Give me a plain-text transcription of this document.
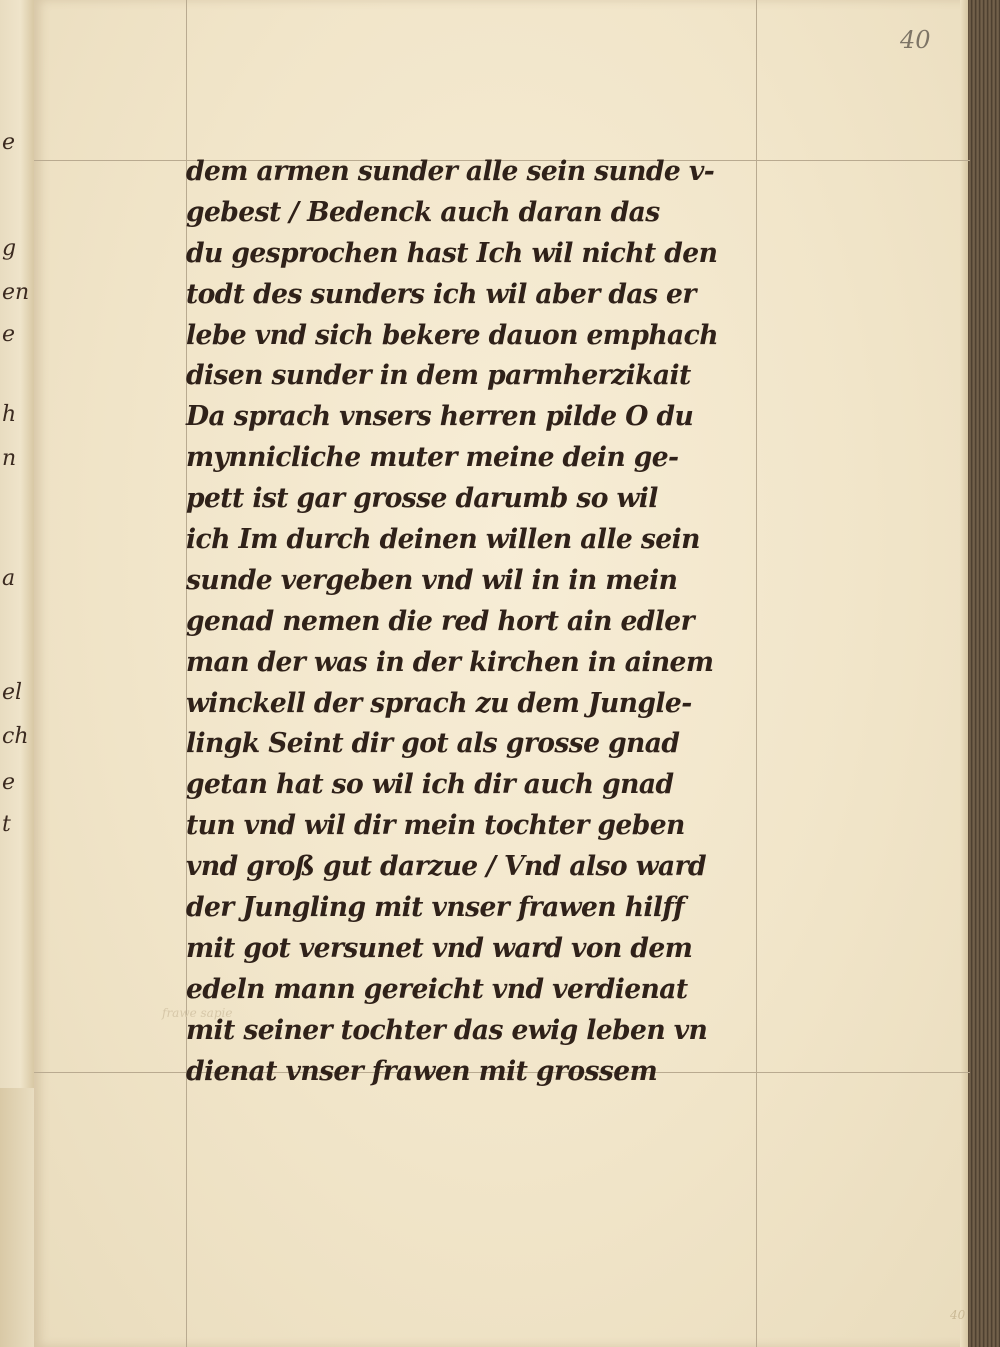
e
g
en
e
h
n
a
el
ch
e
t
40
40
frawe sapie
dem armen sunder alle sein sunde v-
gebest / Bedenck auch daran das
du gesprochen hast Ich wil nicht den
todt des sunders ich wil aber das er
lebe vnd sich bekere dauon emphach
disen sunder in dem parmherzikait
Da sprach vnsers herren pilde O du
mynnicliche muter meine dein ge-
pett ist gar grosse darumb so wil
ich Im durch deinen willen alle sein
sunde vergeben vnd wil in in mein
genad nemen die red hort ain edler
man der was in der kirchen in ainem
winckell der sprach zu dem Jungle-
lingk Seint dir got als grosse gnad
getan hat so wil ich dir auch gnad
tun vnd wil dir mein tochter geben
vnd groß gut darzue / Vnd also ward
der Jungling mit vnser frawen hilff
mit got versunet vnd ward von dem
edeln mann gereicht vnd verdienat
mit seiner tochter das ewig leben vn
dienat vnser frawen mit grossem
